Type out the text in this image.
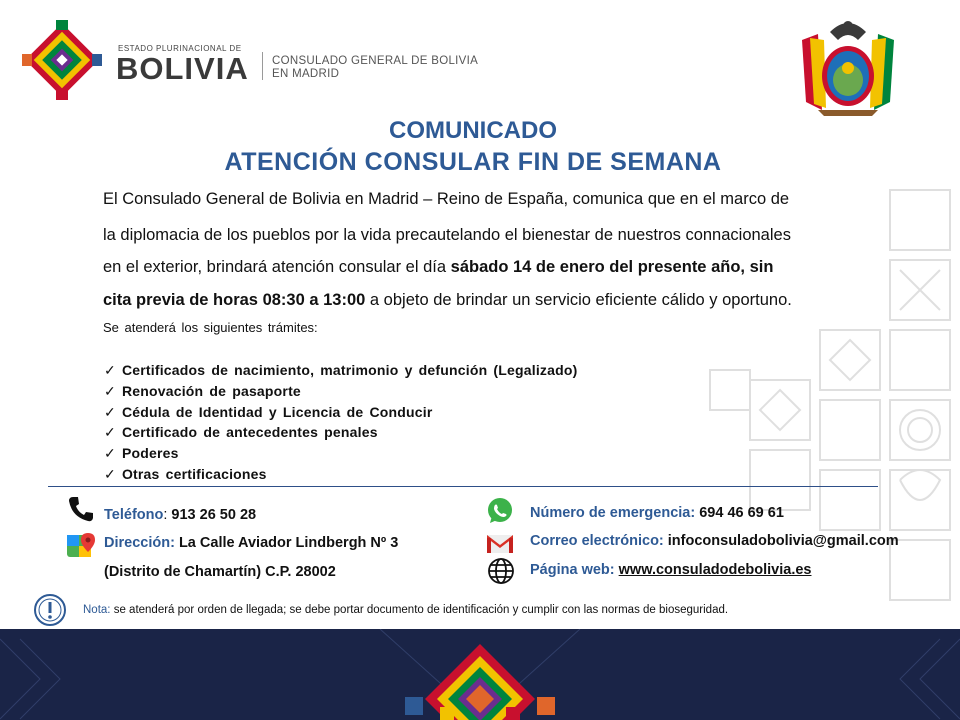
ESTADO PLURINACIONAL DE
BOLIVIA CONSULADO GENERAL DE BOLIVIA
EN MADRID
COMUNICADO
ATENCIÓN CONSULAR FIN DE SEMANA
El Consulado General de Bolivia en Madrid – Reino de España, comunica que en el marco de
la diplomacia de los pueblos por la vida precautelando el bienestar de nuestros connacionales
en el exterior, brindará atención consular el día sábado 14 de enero del presente año, sin
cita previa de horas 08:30 a 13:00 a objeto de brindar un servicio eficiente cálido y oportuno.
Se atenderá los siguientes trámites:
✓ Certificados de nacimiento, matrimonio y defunción (Legalizado)
✓ Renovación de pasaporte
✓ Cédula de Identidad y Licencia de Conducir
✓ Certificado de antecedentes penales
✓ Poderes
✓ Otras certificaciones
Teléfono: 913 26 50 28
Dirección: La Calle Aviador Lindbergh Nº 3
(Distrito de Chamartín) C.P. 28002
Número de emergencia: 694 46 69 61
Correo electrónico: infoconsuladobolivia@gmail.com
Página web: www.consuladodebolivia.es
Nota: se atenderá por orden de llegada; se debe portar documento de identificación y cumplir con las normas de bioseguridad.
